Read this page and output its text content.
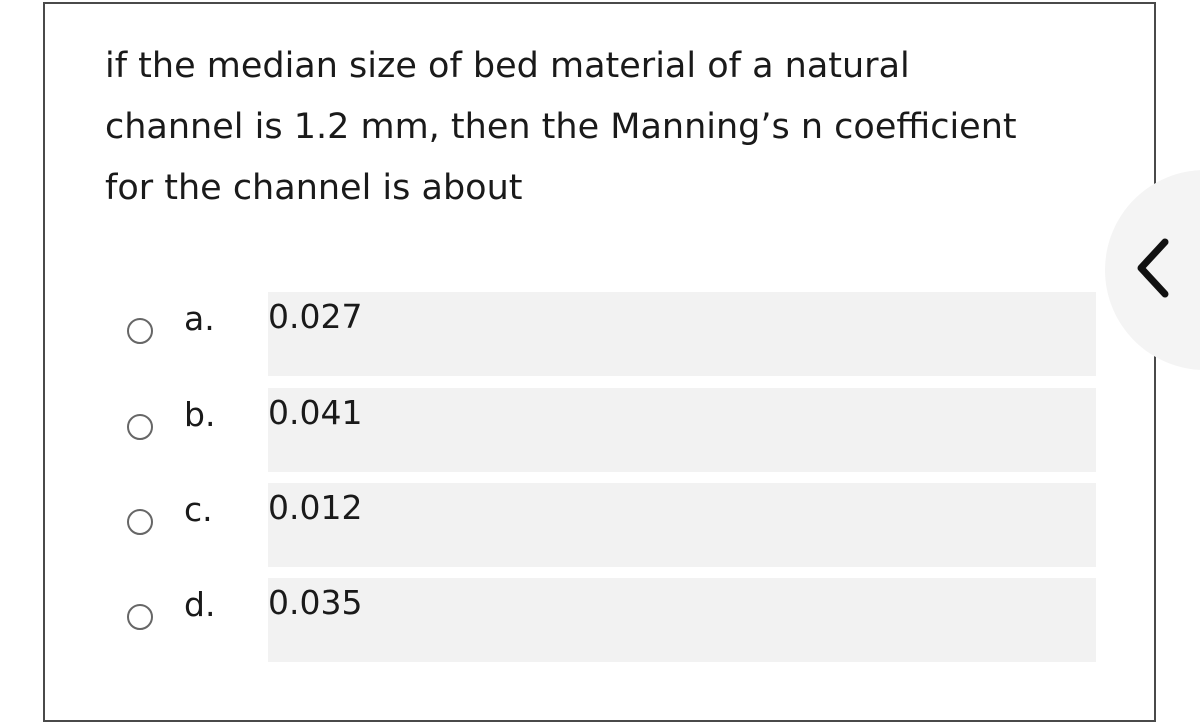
if the median size of bed material of a natural channel is 1.2 mm, then the Manning’s n coefficient for the channel is about
a. 0.027
b. 0.041
c. 0.012
d. 0.035
